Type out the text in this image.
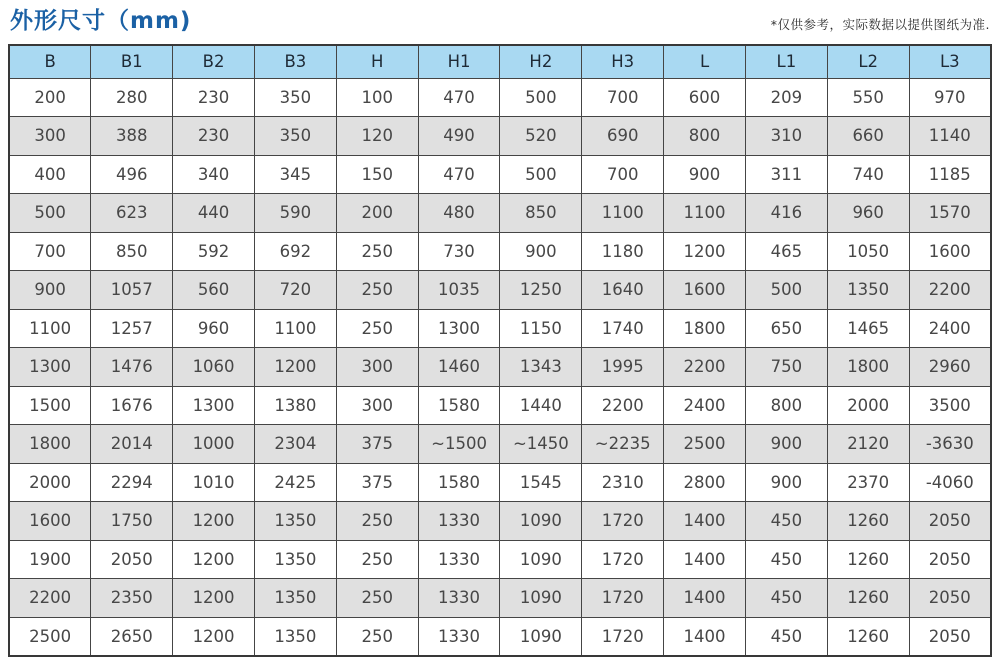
外形尺寸（mm)	*仅供参考，实际数据以提供图纸为准.
B	B1	B2	B3	H	H1	H2	H3	L	L1	L2	L3
200	280	230	350	100	470	500	700	600	209	550	970
300	388	230	350	120	490	520	690	800	310	660	1140
400	496	340	345	150	470	500	700	900	311	740	1185
500	623	440	590	200	480	850	1100	1100	416	960	1570
700	850	592	692	250	730	900	1180	1200	465	1050	1600
900	1057	560	720	250	1035	1250	1640	1600	500	1350	2200
1100	1257	960	1100	250	1300	1150	1740	1800	650	1465	2400
1300	1476	1060	1200	300	1460	1343	1995	2200	750	1800	2960
1500	1676	1300	1380	300	1580	1440	2200	2400	800	2000	3500
1800	2014	1000	2304	375	~1500	~1450	~2235	2500	900	2120	-3630
2000	2294	1010	2425	375	1580	1545	2310	2800	900	2370	-4060
1600	1750	1200	1350	250	1330	1090	1720	1400	450	1260	2050
1900	2050	1200	1350	250	1330	1090	1720	1400	450	1260	2050
2200	2350	1200	1350	250	1330	1090	1720	1400	450	1260	2050
2500	2650	1200	1350	250	1330	1090	1720	1400	450	1260	2050
